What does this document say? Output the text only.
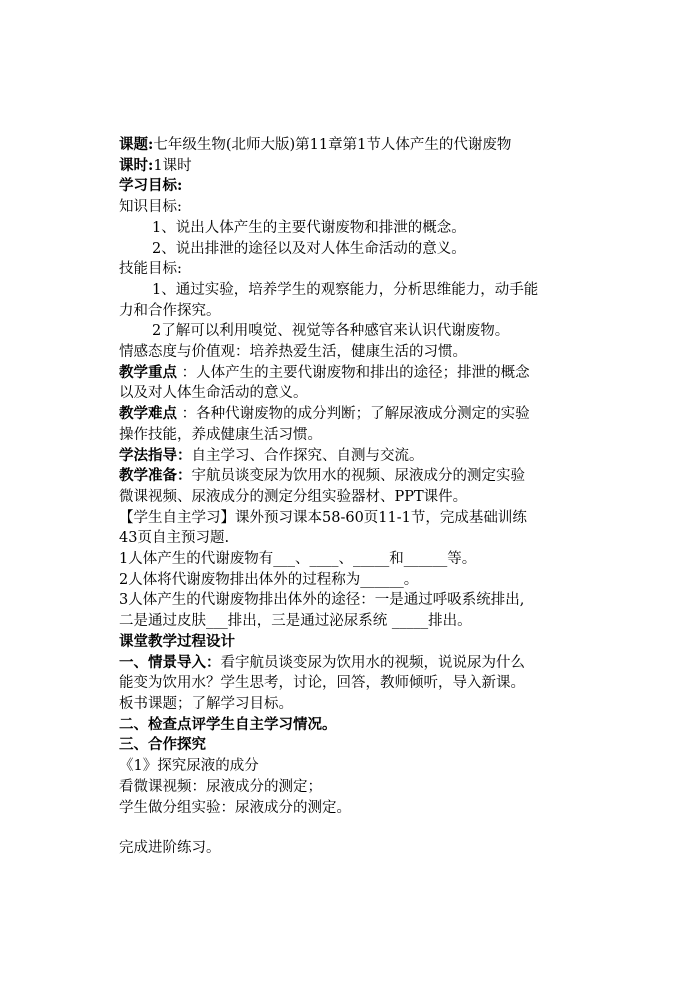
课题:七年级生物(北师大版)第11章第1节人体产生的代谢废物
课时:1课时
学习目标:
知识目标:
1、说出人体产生的主要代谢废物和排泄的概念。
2、说出排泄的途径以及对人体生命活动的意义。
技能目标:
1、通过实验，培养学生的观察能力，分析思维能力，动手能
力和合作探究。
2了解可以利用嗅觉、视觉等各种感官来认识代谢废物。
情感态度与价值观：培养热爱生活，健康生活的习惯。
教学重点 ：人体产生的主要代谢废物和排出的途径；排泄的概念
以及对人体生命活动的意义。
教学难点 ：各种代谢废物的成分判断；了解尿液成分测定的实验
操作技能，养成健康生活习惯。
学法指导：自主学习、合作探究、自测与交流。
教学准备：宇航员谈变尿为饮用水的视频、尿液成分的测定实验
微课视频、尿液成分的测定分组实验器材、PPT课件。
【学生自主学习】课外预习课本58-60页11-1节，完成基础训练
43页自主预习题.
1人体产生的代谢废物有___、____、_____和______等。
2人体将代谢废物排出体外的过程称为______。
3人体产生的代谢废物排出体外的途径：一是通过呼吸系统排出,
二是通过皮肤___排出，三是通过泌尿系统 _____排出。
课堂教学过程设计
一、情景导入：看宇航员谈变尿为饮用水的视频，说说尿为什么
能变为饮用水？学生思考，讨论，回答，教师倾听，导入新课。
板书课题；了解学习目标。
二、检查点评学生自主学习情况。
三、合作探究
《1》探究尿液的成分
看微课视频：尿液成分的测定；
学生做分组实验：尿液成分的测定。
完成进阶练习。
